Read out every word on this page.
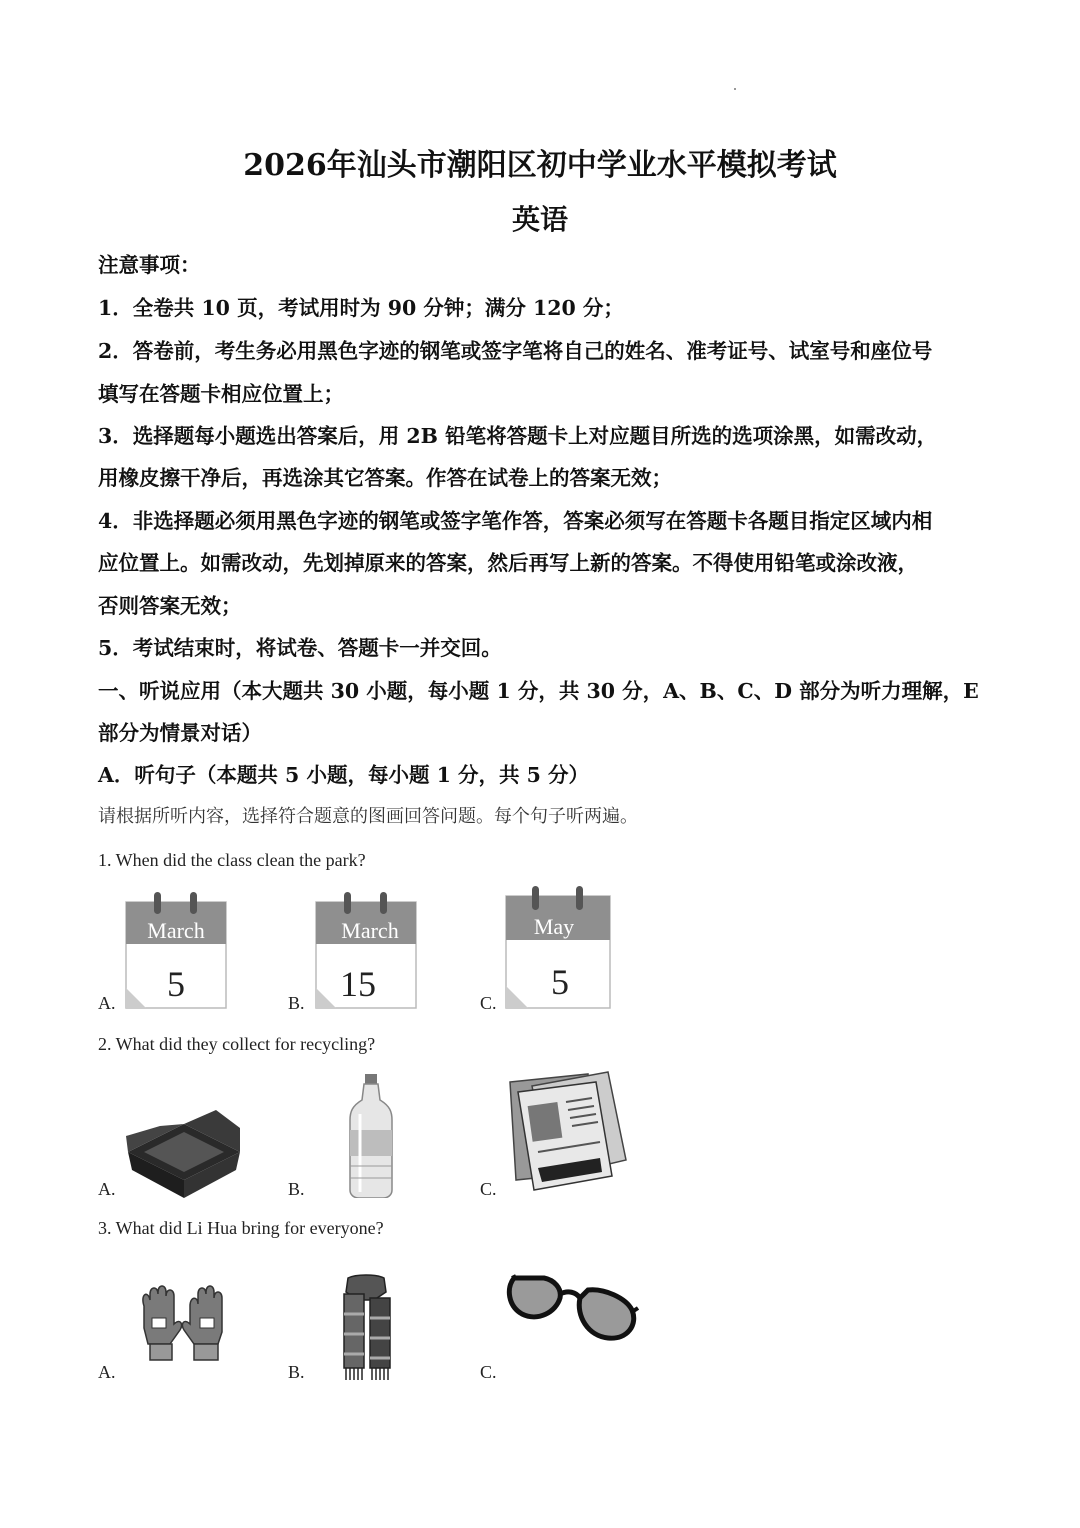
2026年汕头市潮阳区初中学业水平模拟考试
英语
注意事项：
1．全卷共 10 页，考试用时为 90 分钟；满分 120 分；
2．答卷前，考生务必用黑色字迹的钢笔或签字笔将自己的姓名、准考证号、试室号和座位号
填写在答题卡相应位置上；
3．选择题每小题选出答案后，用 2B 铅笔将答题卡上对应题目所选的选项涂黑，如需改动，
用橡皮擦干净后，再选涂其它答案。作答在试卷上的答案无效；
4．非选择题必须用黑色字迹的钢笔或签字笔作答，答案必须写在答题卡各题目指定区域内相
应位置上。如需改动，先划掉原来的答案，然后再写上新的答案。不得使用铅笔或涂改液，
否则答案无效；
5．考试结束时，将试卷、答题卡一并交回。
一、听说应用（本大题共 30 小题，每小题 1 分，共 30 分，A、B、C、D 部分为听力理解，E
部分为情景对话）
A．听句子（本题共 5 小题，每小题 1 分，共 5 分）
请根据所听内容，选择符合题意的图画回答问题。每个句子听两遍。
1. When did the class clean the park?
A.
March
5	B.
March
15	C.
May
5
2. What did they collect for recycling?
A.	B.	C.
3. What did Li Hua bring for everyone?
A.	B.	C.
